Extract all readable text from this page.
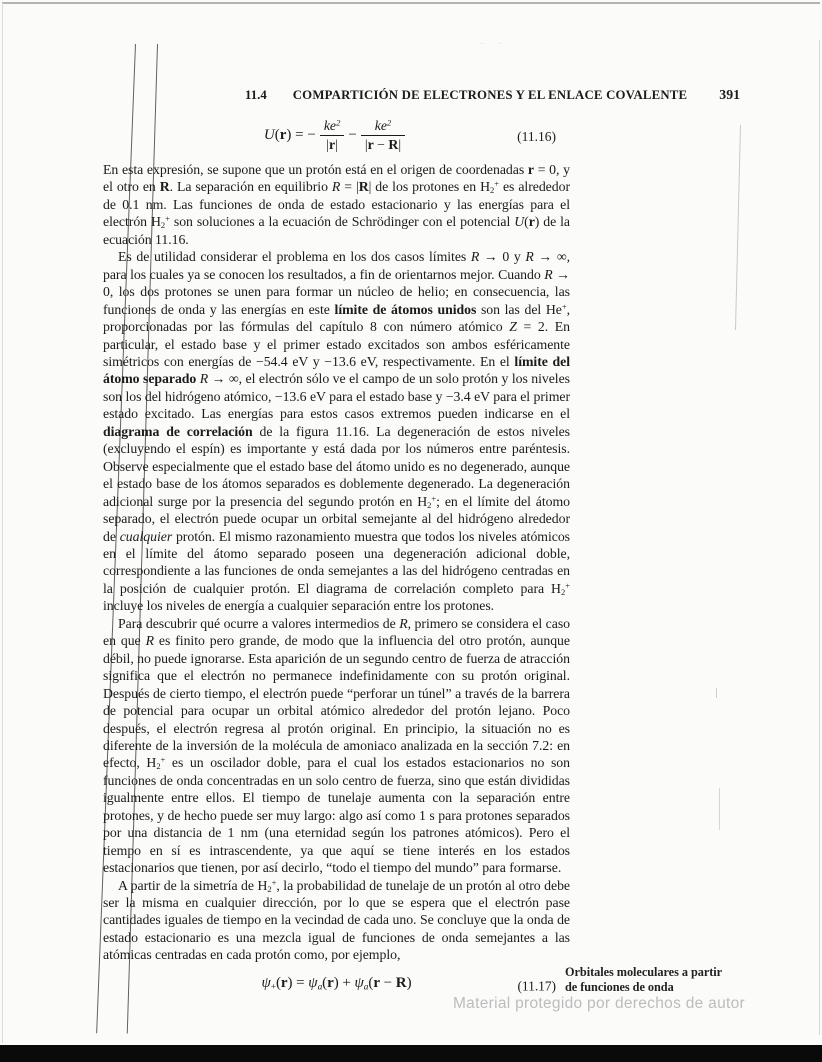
· ·
11.4 COMPARTICIÓN DE ELECTRONES Y EL ENLACE COVALENTE 391
U(r) = − $\frac{ke^2}{|r|} - \frac{ke^2}{|r - R|}$	(11.16)

En esta expresión, se supone que un protón está en el origen de coordenadas r = 0, y el otro en R. La separación en equilibrio R = |R| de los protones en H2+ es alrededor de 0.1 nm. Las funciones de onda de estado estacionario y las energías para el electrón H2+ son soluciones a la ecuación de Schrödinger con el potencial U(r) de la ecuación 11.16.

Es de utilidad considerar el problema en los dos casos límites R → 0 y R → ∞, para los cuales ya se conocen los resultados, a fin de orientarnos mejor. Cuando R → 0, los dos protones se unen para formar un núcleo de helio; en consecuencia, las funciones de onda y las energías en este límite de átomos unidos son las del He+, proporcionadas por las fórmulas del capítulo 8 con número atómico Z = 2. En particular, el estado base y el primer estado excitados son ambos esféricamente simétricos con energías de −54.4 eV y −13.6 eV, respectivamente. En el límite del átomo separado R → ∞, el electrón sólo ve el campo de un solo protón y los niveles son los del hidrógeno atómico, −13.6 eV para el estado base y −3.4 eV para el primer estado excitado. Las energías para estos casos extremos pueden indicarse en el diagrama de correlación de la figura 11.16. La degeneración de estos niveles (excluyendo el espín) es importante y está dada por los números entre paréntesis. Observe especialmente que el estado base del átomo unido es no degenerado, aunque el estado base de los átomos separados es doblemente degenerado. La degeneración adicional surge por la presencia del segundo protón en H2+; en el límite del átomo separado, el electrón puede ocupar un orbital semejante al del hidrógeno alrededor de cualquier protón. El mismo razonamiento muestra que todos los niveles atómicos en el límite del átomo separado poseen una degeneración adicional doble, correspondiente a las funciones de onda semejantes a las del hidrógeno centradas en la posición de cualquier protón. El diagrama de correlación completo para H2+ incluye los niveles de energía a cualquier separación entre los protones.

Para descubrir qué ocurre a valores intermedios de R, primero se considera el caso en que R es finito pero grande, de modo que la influencia del otro protón, aunque débil, no puede ignorarse. Esta aparición de un segundo centro de fuerza de atracción significa que el electrón no permanece indefinidamente con su protón original. Después de cierto tiempo, el electrón puede “perforar un túnel” a través de la barrera de potencial para ocupar un orbital atómico alrededor del protón lejano. Poco después, el electrón regresa al protón original. En principio, la situación no es diferente de la inversión de la molécula de amoniaco analizada en la sección 7.2: en efecto, H2+ es un oscilador doble, para el cual los estados estacionarios no son funciones de onda concentradas en un solo centro de fuerza, sino que están divididas igualmente entre ellos. El tiempo de tunelaje aumenta con la separación entre protones, y de hecho puede ser muy largo: algo así como 1 s para protones separados por una distancia de 1 nm (una eternidad según los patrones atómicos). Pero el tiempo en sí es intrascendente, ya que aquí se tiene interés en los estados estacionarios que tienen, por así decirlo, “todo el tiempo del mundo” para formarse.

A partir de la simetría de H2+, la probabilidad de tunelaje de un protón al otro debe ser la misma en cualquier dirección, por lo que se espera que el electrón pase cantidades iguales de tiempo en la vecindad de cada uno. Se concluye que la onda de estado estacionario es una mezcla igual de funciones de onda semejantes a las atómicas centradas en cada protón como, por ejemplo,

ψ+(r) = ψa(r) + ψa(r − R)	(11.17)
Orbitales moleculares a partir
de funciones de onda
Material protegido por derechos de autor
